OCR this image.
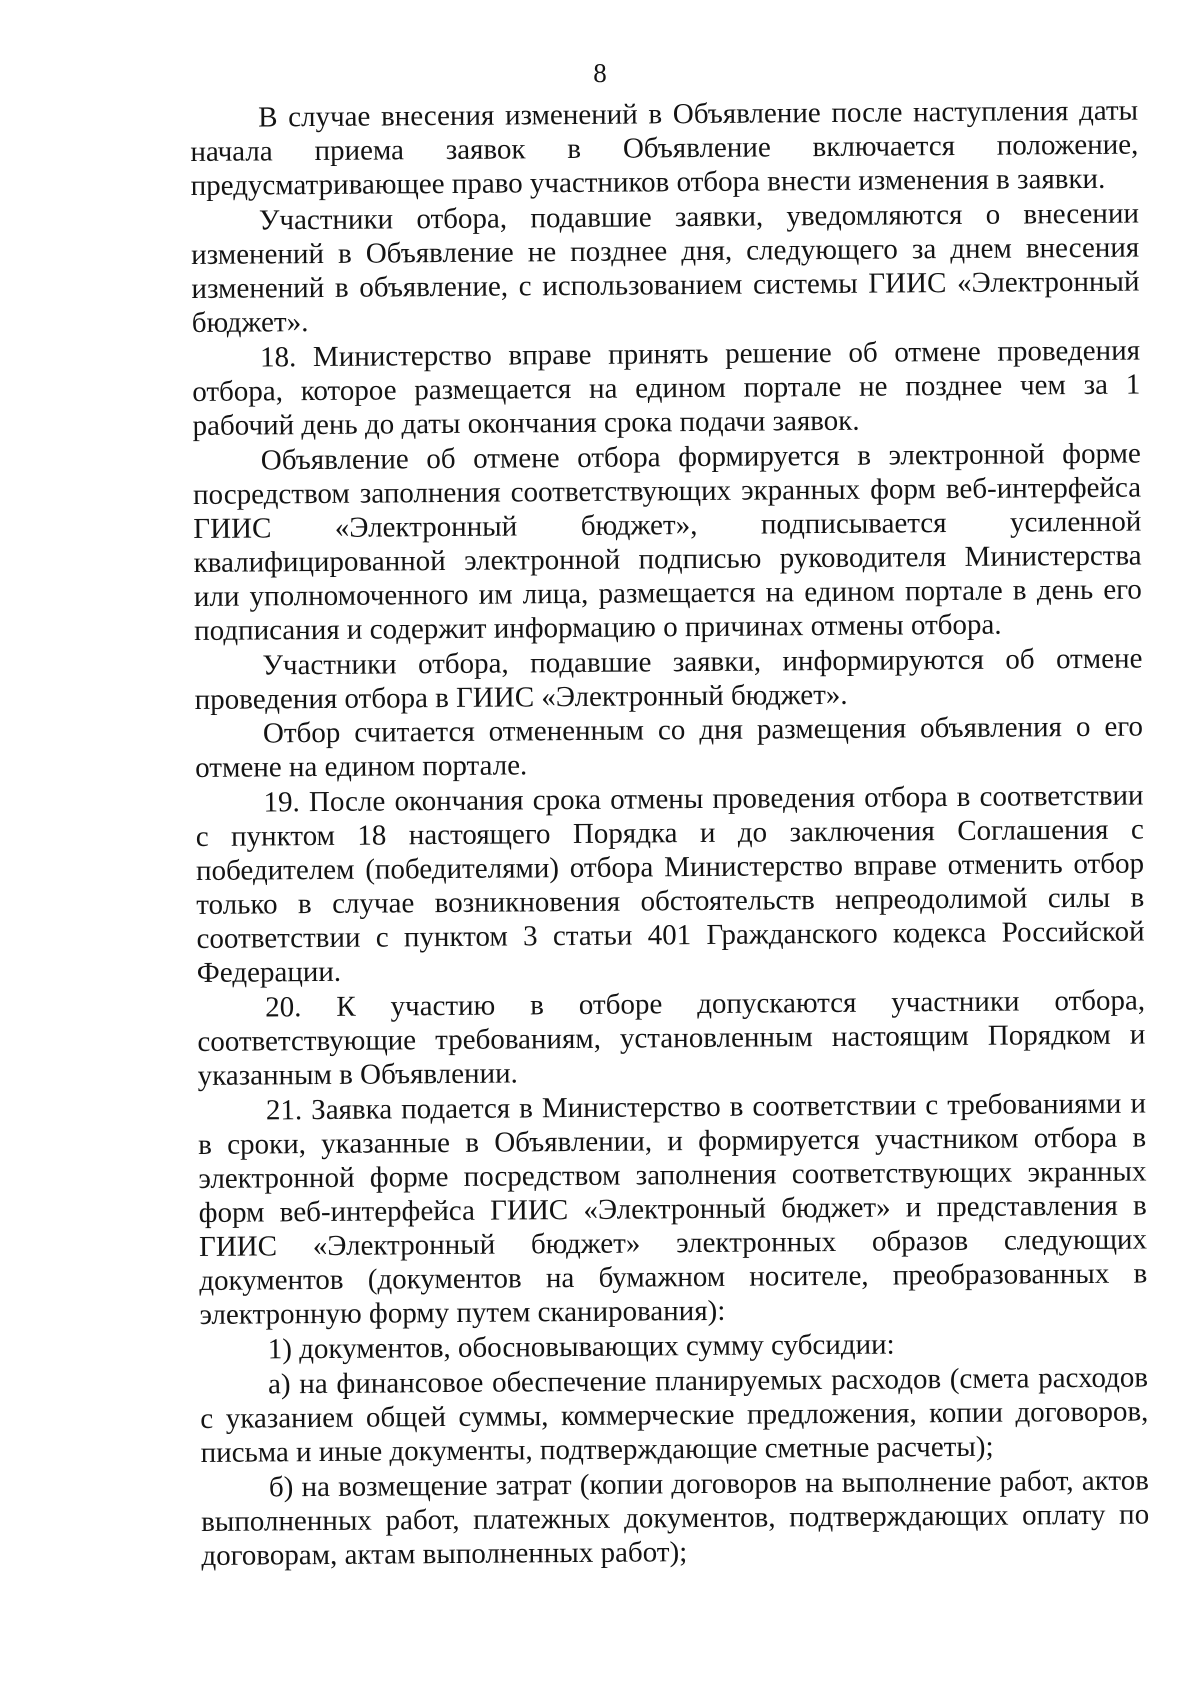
8

В случае внесения изменений в Объявление после наступления даты начала приема заявок в Объявление включается положение, предусматривающее право участников отбора внести изменения в заявки.

Участники отбора, подавшие заявки, уведомляются о внесении изменений в Объявление не позднее дня, следующего за днем внесения изменений в объявление, с использованием системы ГИИС «Электронный бюджет».

18. Министерство вправе принять решение об отмене проведения отбора, которое размещается на едином портале не позднее чем за 1 рабочий день до даты окончания срока подачи заявок.

Объявление об отмене отбора формируется в электронной форме посредством заполнения соответствующих экранных форм веб-интерфейса ГИИС «Электронный бюджет», подписывается усиленной квалифицированной электронной подписью руководителя Министерства или уполномоченного им лица, размещается на едином портале в день его подписания и содержит информацию о причинах отмены отбора.

Участники отбора, подавшие заявки, информируются об отмене проведения отбора в ГИИС «Электронный бюджет».

Отбор считается отмененным со дня размещения объявления о его отмене на едином портале.

19. После окончания срока отмены проведения отбора в соответствии с пунктом 18 настоящего Порядка и до заключения Соглашения с победителем (победителями) отбора Министерство вправе отменить отбор только в случае возникновения обстоятельств непреодолимой силы в соответствии с пунктом 3 статьи 401 Гражданского кодекса Российской Федерации.

20. К участию в отборе допускаются участники отбора, соответствующие требованиям, установленным настоящим Порядком и указанным в Объявлении.

21. Заявка подается в Министерство в соответствии с требованиями и в сроки, указанные в Объявлении, и формируется участником отбора в электронной форме посредством заполнения соответствующих экранных форм веб-интерфейса ГИИС «Электронный бюджет» и представления в ГИИС «Электронный бюджет» электронных образов следующих документов (документов на бумажном носителе, преобразованных в электронную форму путем сканирования):

1) документов, обосновывающих сумму субсидии:

а) на финансовое обеспечение планируемых расходов (смета расходов с указанием общей суммы, коммерческие предложения, копии договоров, письма и иные документы, подтверждающие сметные расчеты);

б) на возмещение затрат (копии договоров на выполнение работ, актов выполненных работ, платежных документов, подтверждающих оплату по договорам, актам выполненных работ);
